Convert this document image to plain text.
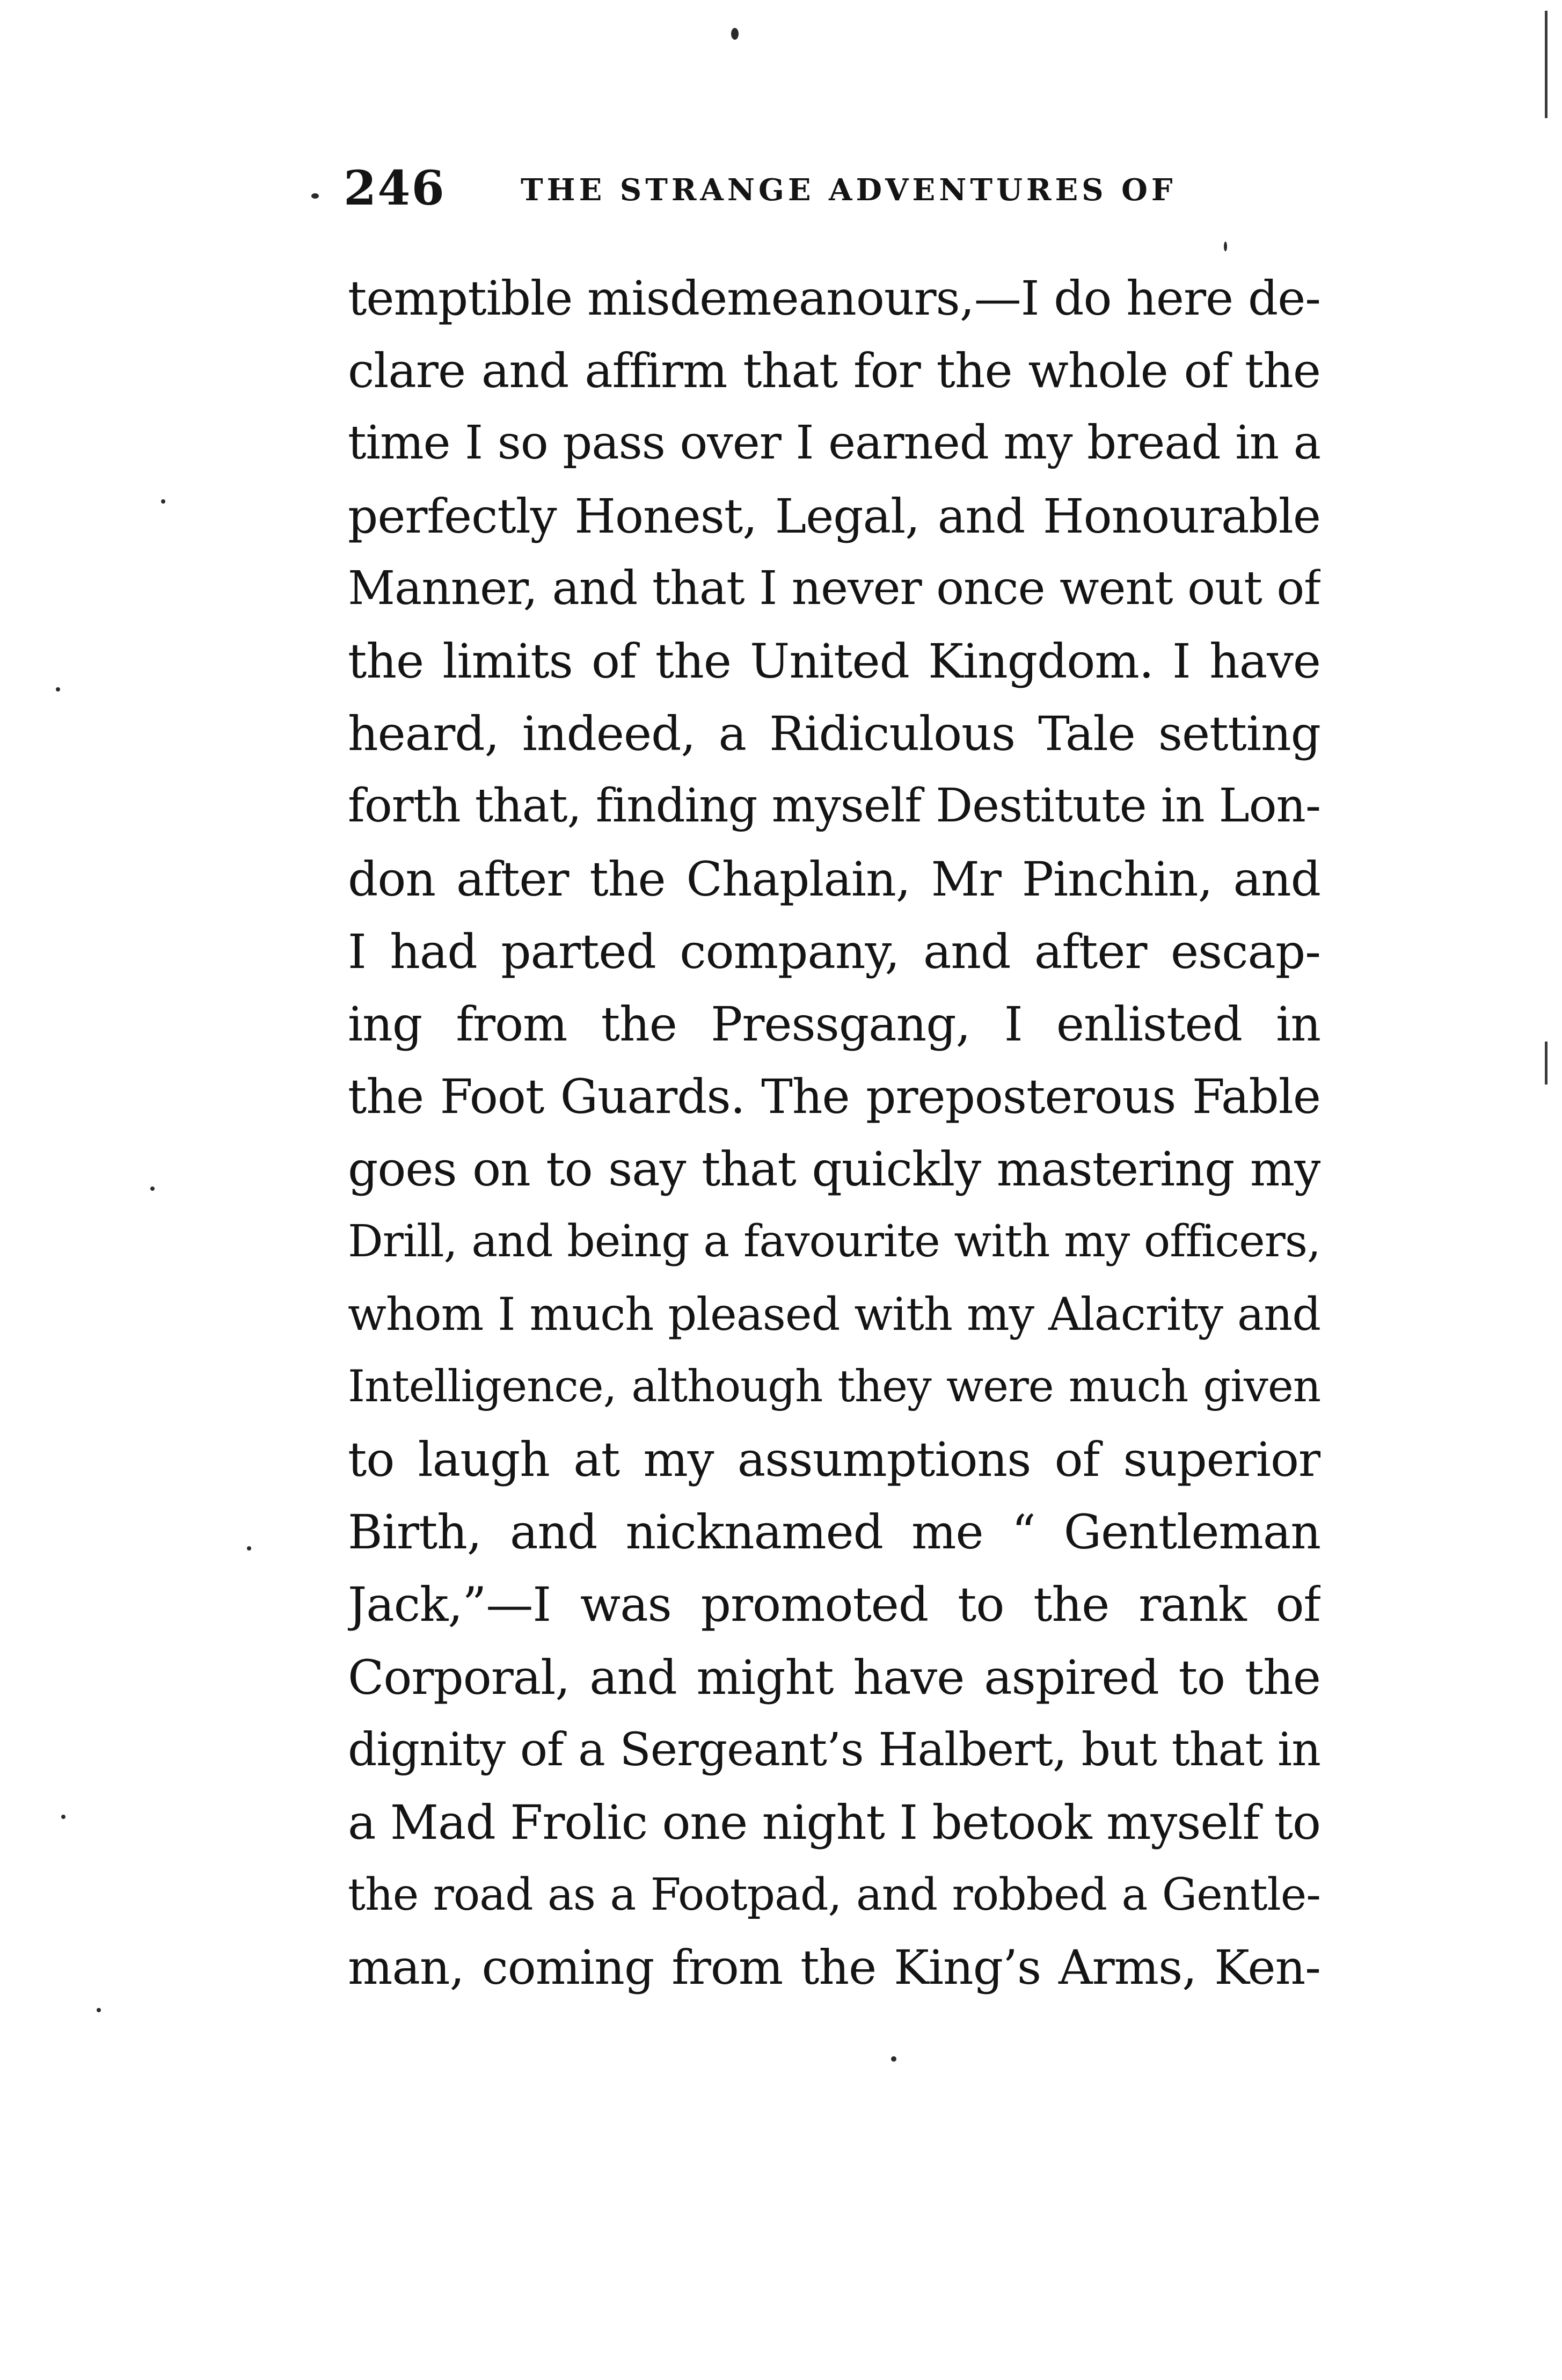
246	THE STRANGE ADVENTURES OF
temptible misdemeanours,—I do here de-
clare and affirm that for the whole of the
time I so pass over I earned my bread in a
perfectly Honest, Legal, and Honourable
Manner, and that I never once went out of
the limits of the United Kingdom. I have
heard, indeed, a Ridiculous Tale setting
forth that, finding myself Destitute in Lon-
don after the Chaplain, Mr Pinchin, and
I had parted company, and after escap-
ing from the Pressgang, I enlisted in
the Foot Guards. The preposterous Fable
goes on to say that quickly mastering my
Drill, and being a favourite with my officers,
whom I much pleased with my Alacrity and
Intelligence, although they were much given
to laugh at my assumptions of superior
Birth, and nicknamed me “ Gentleman
Jack,”—I was promoted to the rank of
Corporal, and might have aspired to the
dignity of a Sergeant’s Halbert, but that in
a Mad Frolic one night I betook myself to
the road as a Footpad, and robbed a Gentle-
man, coming from the King’s Arms, Ken-
